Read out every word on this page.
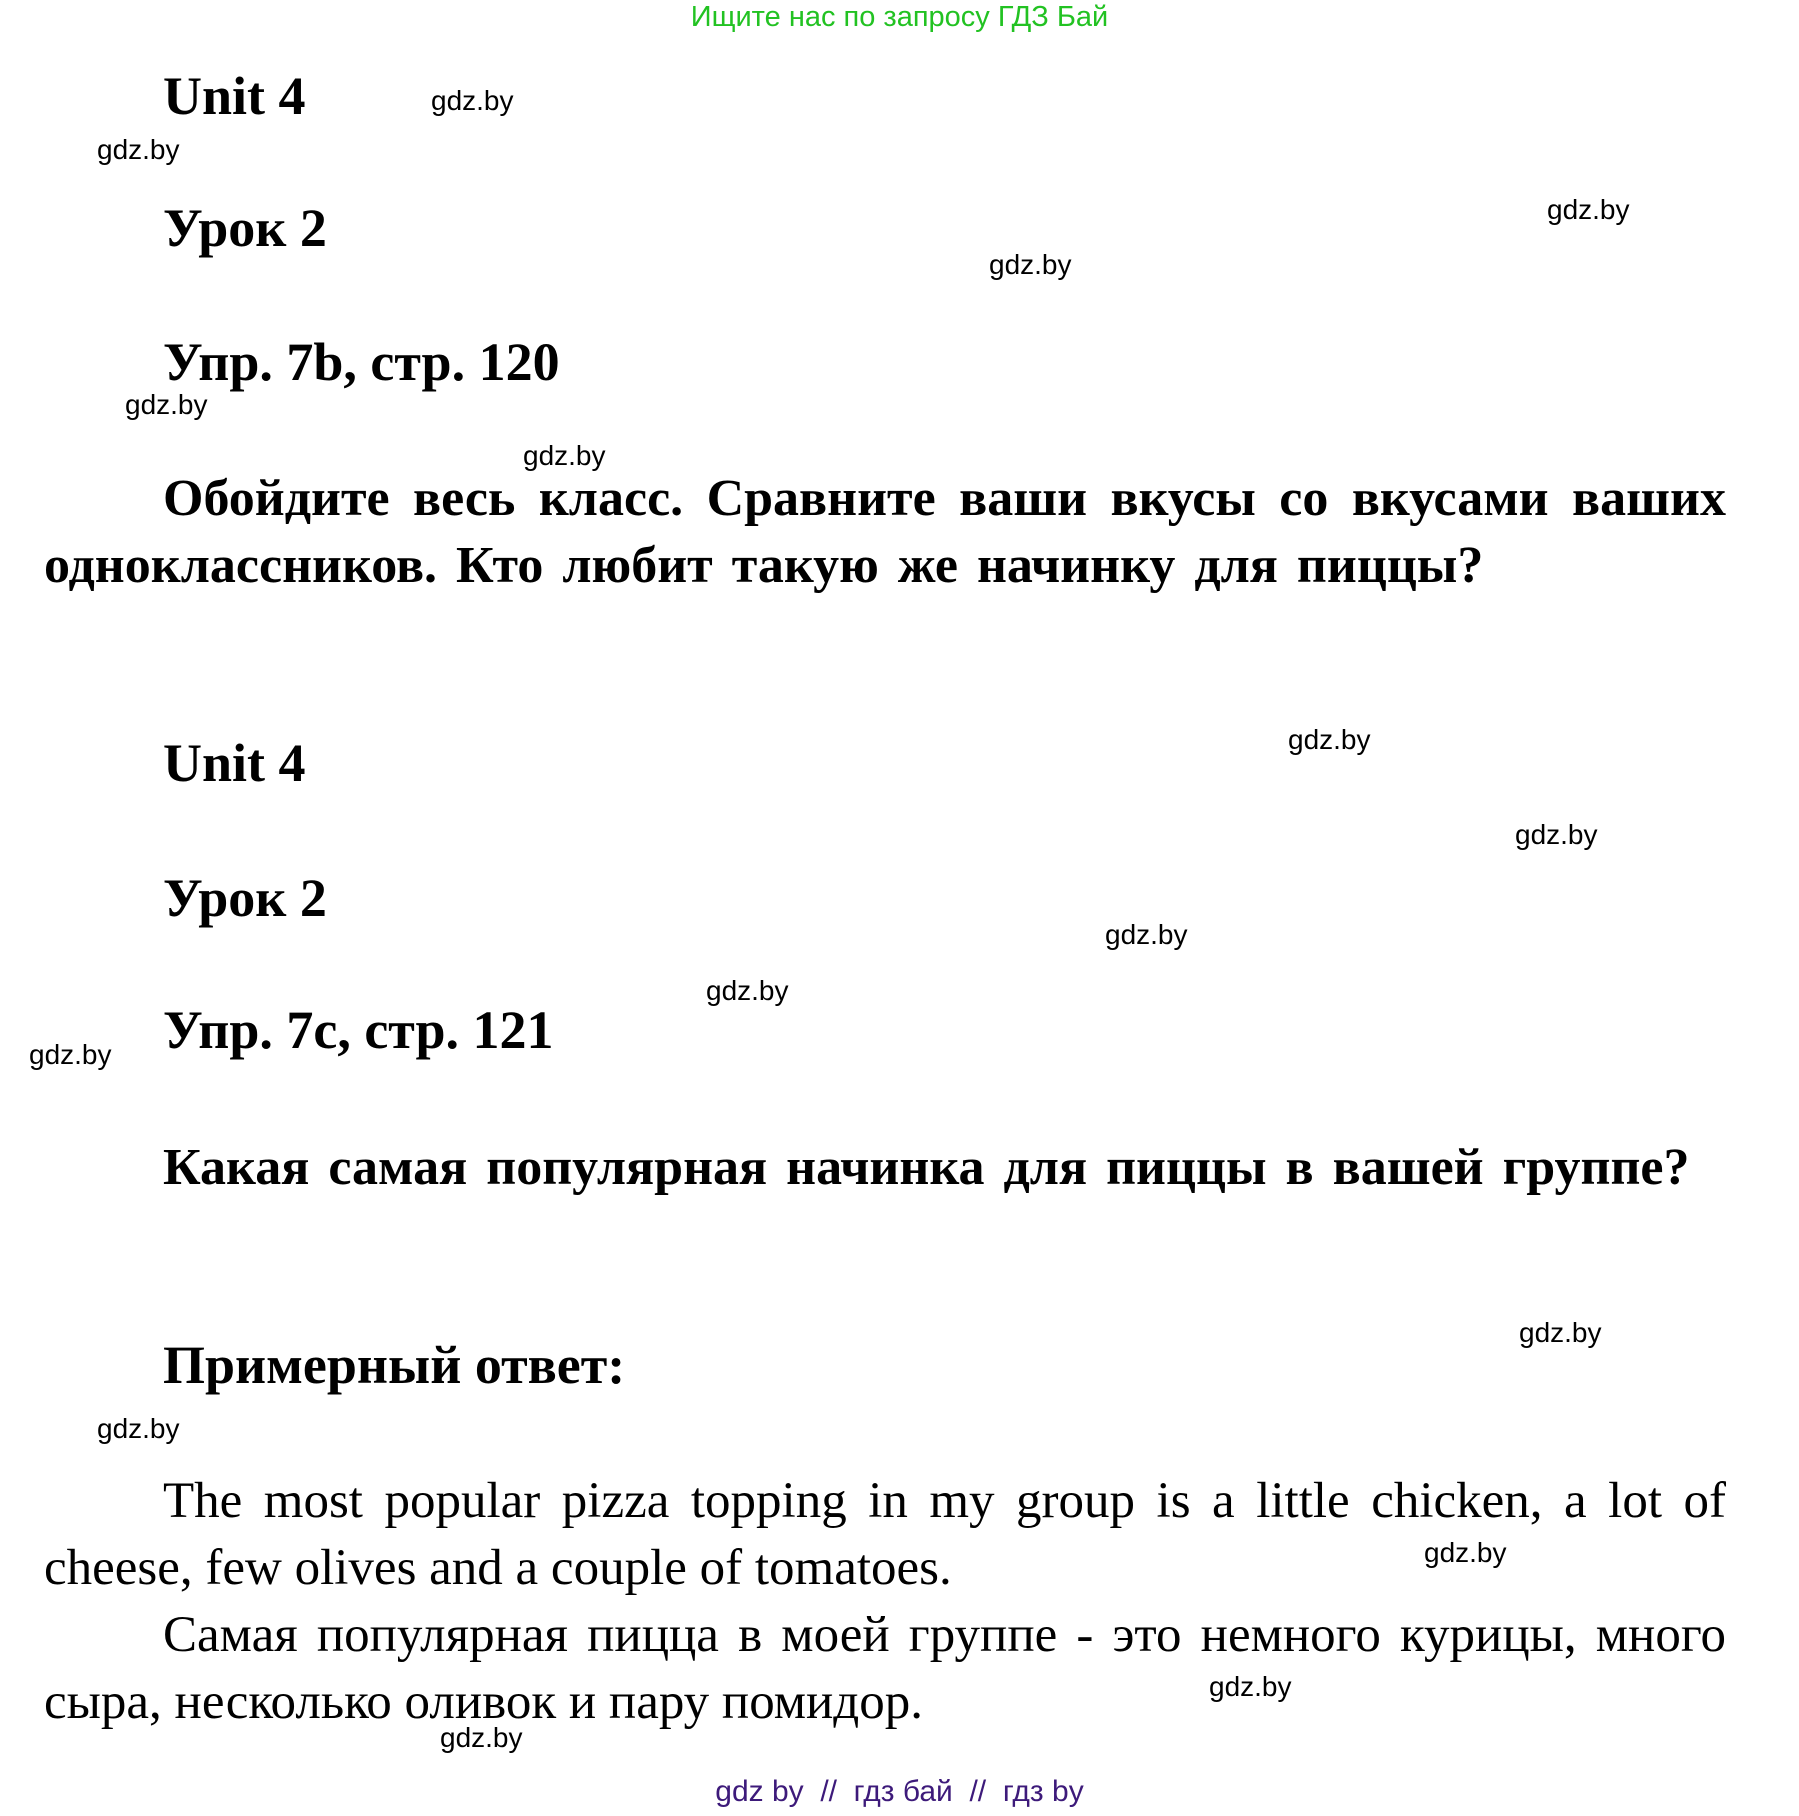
Ищите нас по запросу ГДЗ Бай
Unit 4
Урок 2
Упр. 7b, стр. 120
Обойдите весь класс. Сравните ваши вкусы со вкусами ваших одноклассников. Кто любит такую же начинку для пиццы?
Unit 4
Урок 2
Упр. 7c, стр. 121
Какая самая популярная начинка для пиццы в вашей группе?
Примерный ответ:
The most popular pizza topping in my group is a little chicken, a lot of cheese, few olives and a couple of tomatoes.
Самая популярная пицца в моей группе - это немного курицы, много сыра, несколько оливок и пару помидор.
gdz.by
gdz.by
gdz.by
gdz.by
gdz.by
gdz.by
gdz.by
gdz.by
gdz.by
gdz.by
gdz.by
gdz.by
gdz.by
gdz.by
gdz.by
gdz.by
gdz by  //  гдз бай  //  гдз by
